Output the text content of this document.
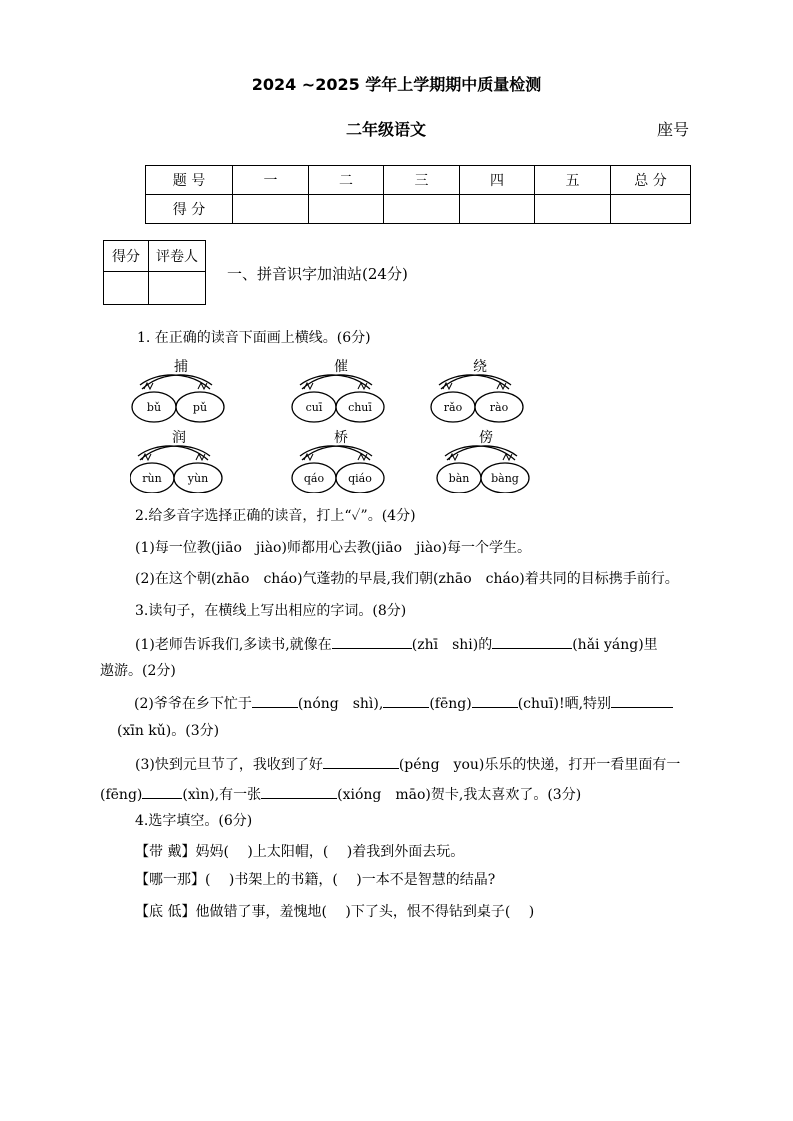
2024 ~2025 学年上学期期中质量检测
二年级语文	座号
题 号	一	二	三	四	五	总 分
得 分						
得分	评卷人

一、拼音识字加油站(24分)
1. 在正确的读音下面画上横线。(6分)
捕	催	绕
润	桥	傍
bǔ	pǔ	cuī chuī	rǎo	rào
rùn yùn	qáo qiáo	bàn bàng
2.给多音字选择正确的读音，打上“✓”。(4分)
(1)每一位教(jiāo　jiào)师都用心去教(jiāo　jiào)每一个学生。
(2)在这个朝(zhāo　cháo)气蓬勃的早晨,我们朝(zhāo　cháo)着共同的目标携手前行。
3.读句子，在横线上写出相应的字词。(8分)
(1)老师告诉我们,多读书,就像在	(zhī　shi)的	(hǎi yáng)里
遨游。(2分)
(2)爷爷在乡下忙于	(nóng　shì),	(fēng)	(chuī)!晒,特别
(xīn kǔ)。(3分)
(3)快到元旦节了，我收到了好	(péng　you)乐乐的快递，打开一看里面有一
(fēng)	(xìn),有一张	(xióng　māo)贺卡,我太喜欢了。(3分)
4.选字填空。(6分)
【带 戴】妈妈(　 )上太阳帽，(　 )着我到外面去玩。
【哪一那】(　 )书架上的书籍，(　 )一本不是智慧的结晶?
【底 低】他做错了事，羞愧地(　 )下了头，恨不得钻到桌子(　 )
